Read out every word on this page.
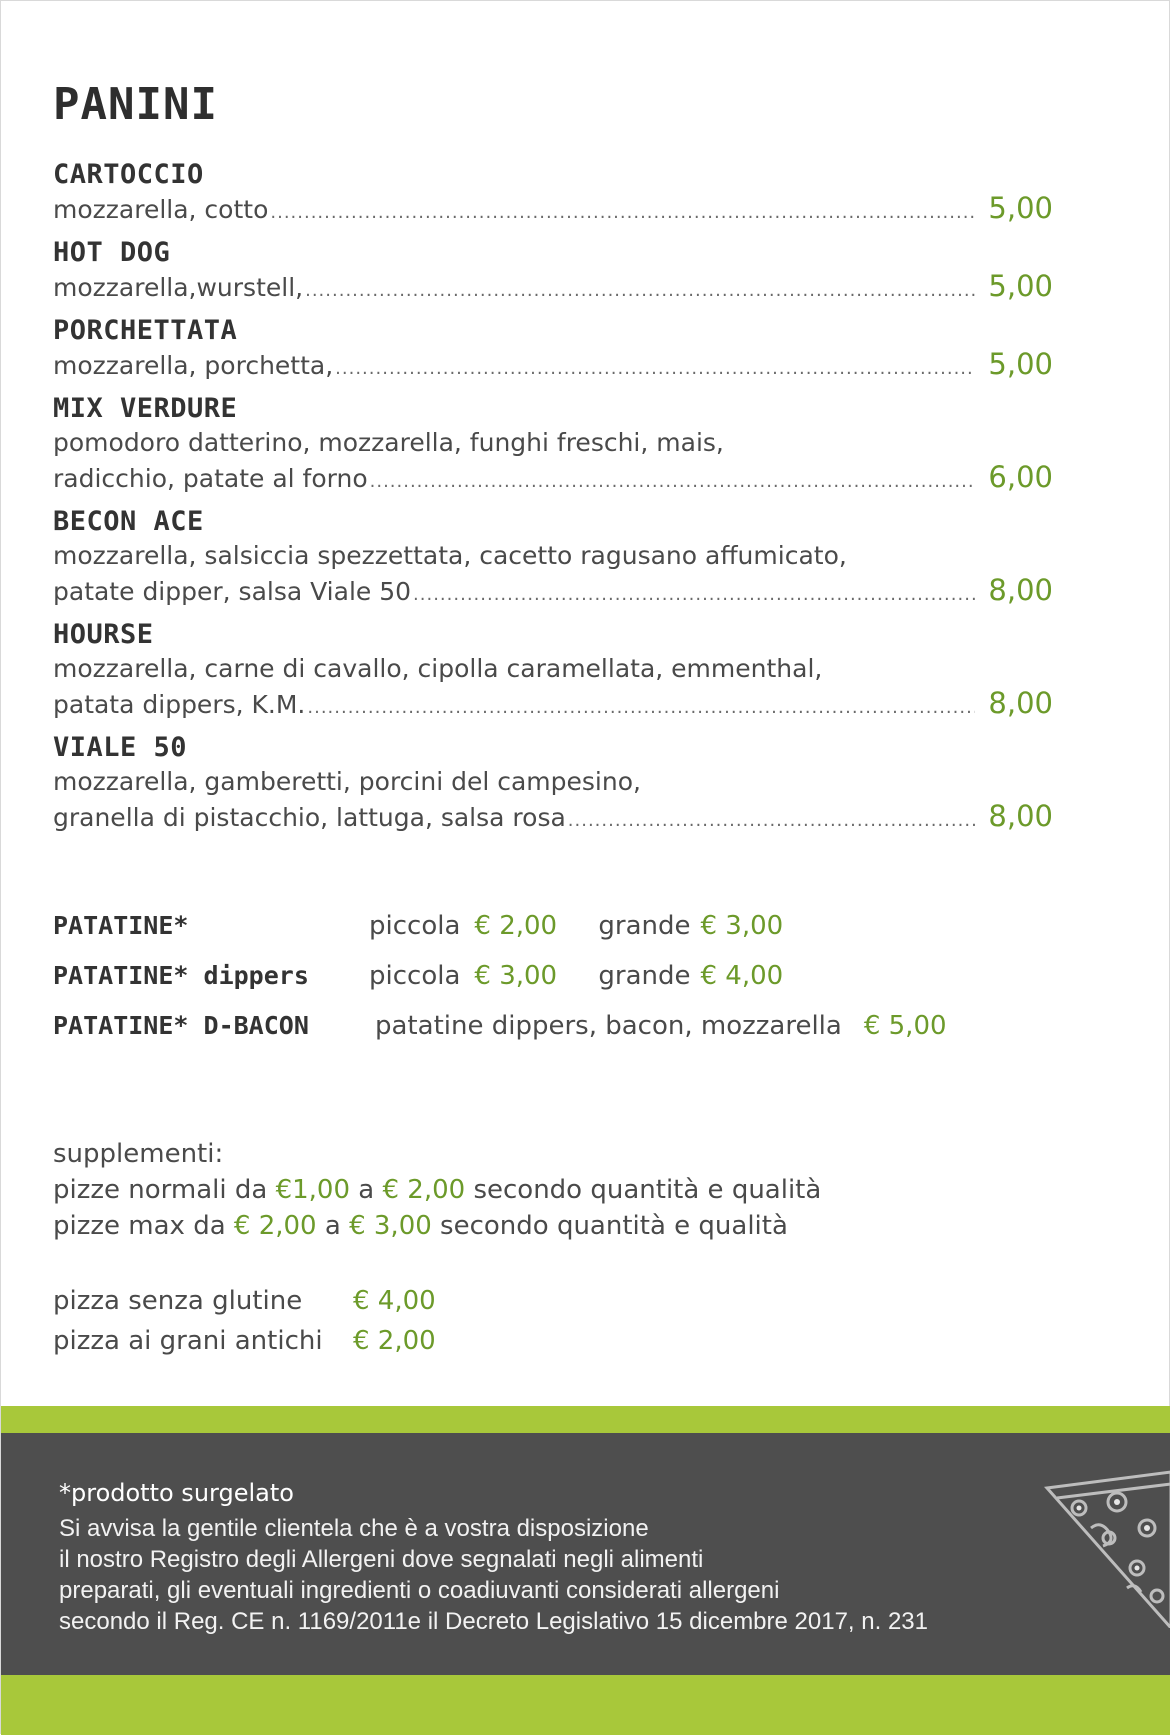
PANINI
CARTOCCIO
mozzarella, cotto .....	5,00
HOT DOG
mozzarella,wurstell, .....	5,00
PORCHETTATA
mozzarella, porchetta, .....	5,00
MIX VERDURE
pomodoro datterino, mozzarella, funghi freschi, mais,
radicchio, patate al forno .....	6,00
BECON ACE
mozzarella, salsiccia spezzettata, cacetto ragusano affumicato,
patate dipper, salsa Viale 50 .....	8,00
HOURSE
mozzarella, carne di cavallo, cipolla caramellata, emmenthal,
patata dippers, K.M. .....	8,00
VIALE 50
mozzarella, gamberetti, porcini del campesino,
granella di pistacchio, lattuga, salsa rosa .....	8,00
PATATINE*	piccola € 2,00	grande € 3,00
PATATINE* dippers	piccola € 3,00	grande € 4,00
PATATINE* D-BACON	patatine dippers, bacon, mozzarella € 5,00
supplementi:
pizze normali da €1,00 a € 2,00 secondo quantità e qualità
pizze max da € 2,00 a € 3,00 secondo quantità e qualità
pizza senza glutine	€ 4,00
pizza ai grani antichi	€ 2,00
*prodotto surgelato
Si avvisa la gentile clientela che è a vostra disposizione
il nostro Registro degli Allergeni dove segnalati negli alimenti
preparati, gli eventuali ingredienti o coadiuvanti considerati allergeni
secondo il Reg. CE n. 1169/2011e il Decreto Legislativo 15 dicembre 2017, n. 231
